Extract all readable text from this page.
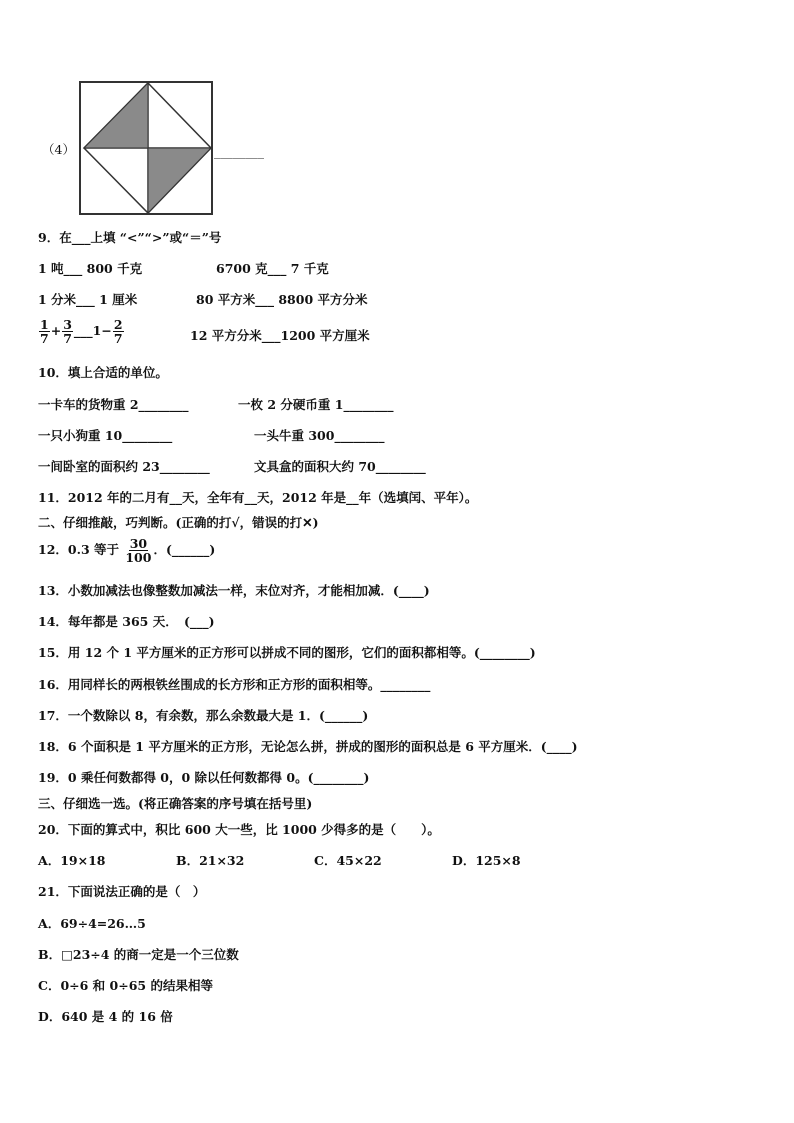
（4）	________
9．在___上填 “<”“>”或“＝”号
1 吨___ 800 千克	6700 克___ 7 千克
1 分米___ 1 厘米	80 平方米___ 8800 平方分米
$\frac{1}{7} + \frac{3}{7}$ ___1− $\frac{2}{7}$	12 平方分米___1200 平方厘米
10．填上合适的单位。
一卡车的货物重 2________	一枚 2 分硬币重 1________
一只小狗重 10________	一头牛重 300________
一间卧室的面积约 23________	文具盒的面积大约 70________
11．2012 年的二月有__天，全年有__天，2012 年是__年（选填闰、平年）。
二、仔细推敲，巧判断。(正确的打√，错误的打✕)
12．0.3 等于 $\frac{30}{100}$ ．(______)
13．小数加减法也像整数加减法一样，末位对齐，才能相加减．(____)
14．每年都是 365 天．　(___)
15．用 12 个 1 平方厘米的正方形可以拼成不同的图形，它们的面积都相等。(________)
16．用同样长的两根铁丝围成的长方形和正方形的面积相等。________
17．一个数除以 8，有余数，那么余数最大是 1．(______)
18．6 个面积是 1 平方厘米的正方形，无论怎么拼，拼成的图形的面积总是 6 平方厘米．(____)
19．0 乘任何数都得 0，0 除以任何数都得 0。(________)
三、仔细选一选。(将正确答案的序号填在括号里)
20．下面的算式中，积比 600 大一些，比 1000 少得多的是（　　）。
A．19×18	B．21×32	C．45×22	D．125×8
21．下面说法正确的是（　）
A．69÷4=26…5
B．□23÷4 的商一定是一个三位数
C．0÷6 和 0÷65 的结果相等
D．640 是 4 的 16 倍
